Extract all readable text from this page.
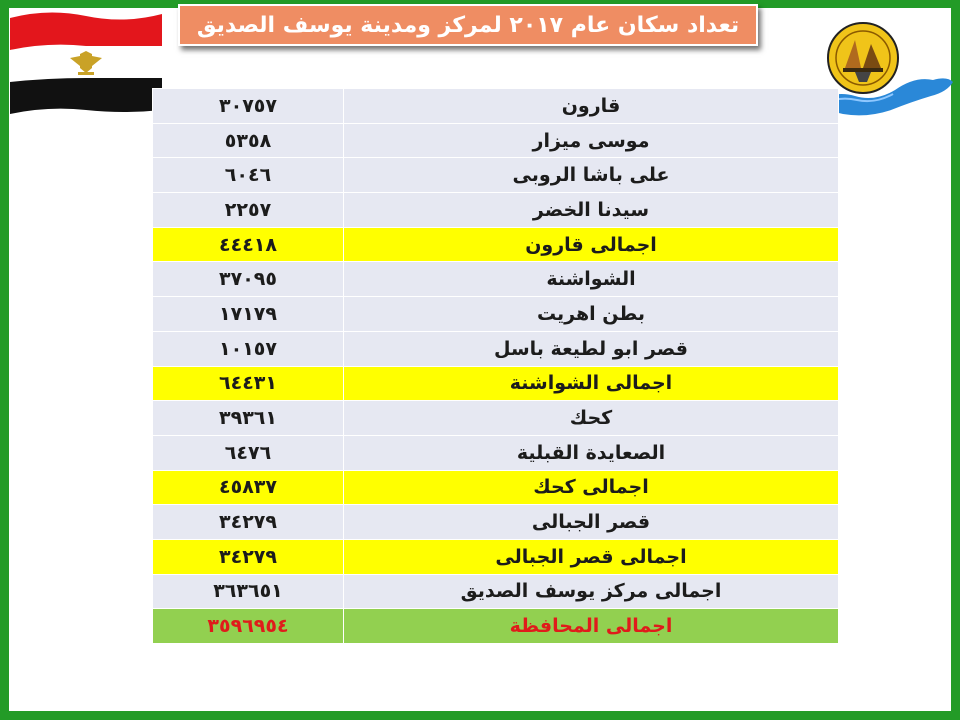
تعداد سكان عام ٢٠١٧ لمركز ومدينة يوسف الصديق
٣٠٧٥٧	قارون
٥٣٥٨	موسى ميزار
٦٠٤٦	على باشا الروبى
٢٢٥٧	سيدنا الخضر
٤٤٤١٨	اجمالى قارون
٣٧٠٩٥	الشواشنة
١٧١٧٩	بطن اهريت
١٠١٥٧	قصر ابو لطيعة باسل
٦٤٤٣١	اجمالى الشواشنة
٣٩٣٦١	كحك
٦٤٧٦	الصعايدة القبلية
٤٥٨٣٧	اجمالى كحك
٣٤٢٧٩	قصر الجبالى
٣٤٢٧٩	اجمالى قصر الجبالى
٣٦٣٦٥١	اجمالى مركز يوسف الصديق
٣٥٩٦٩٥٤	اجمالى المحافظة
